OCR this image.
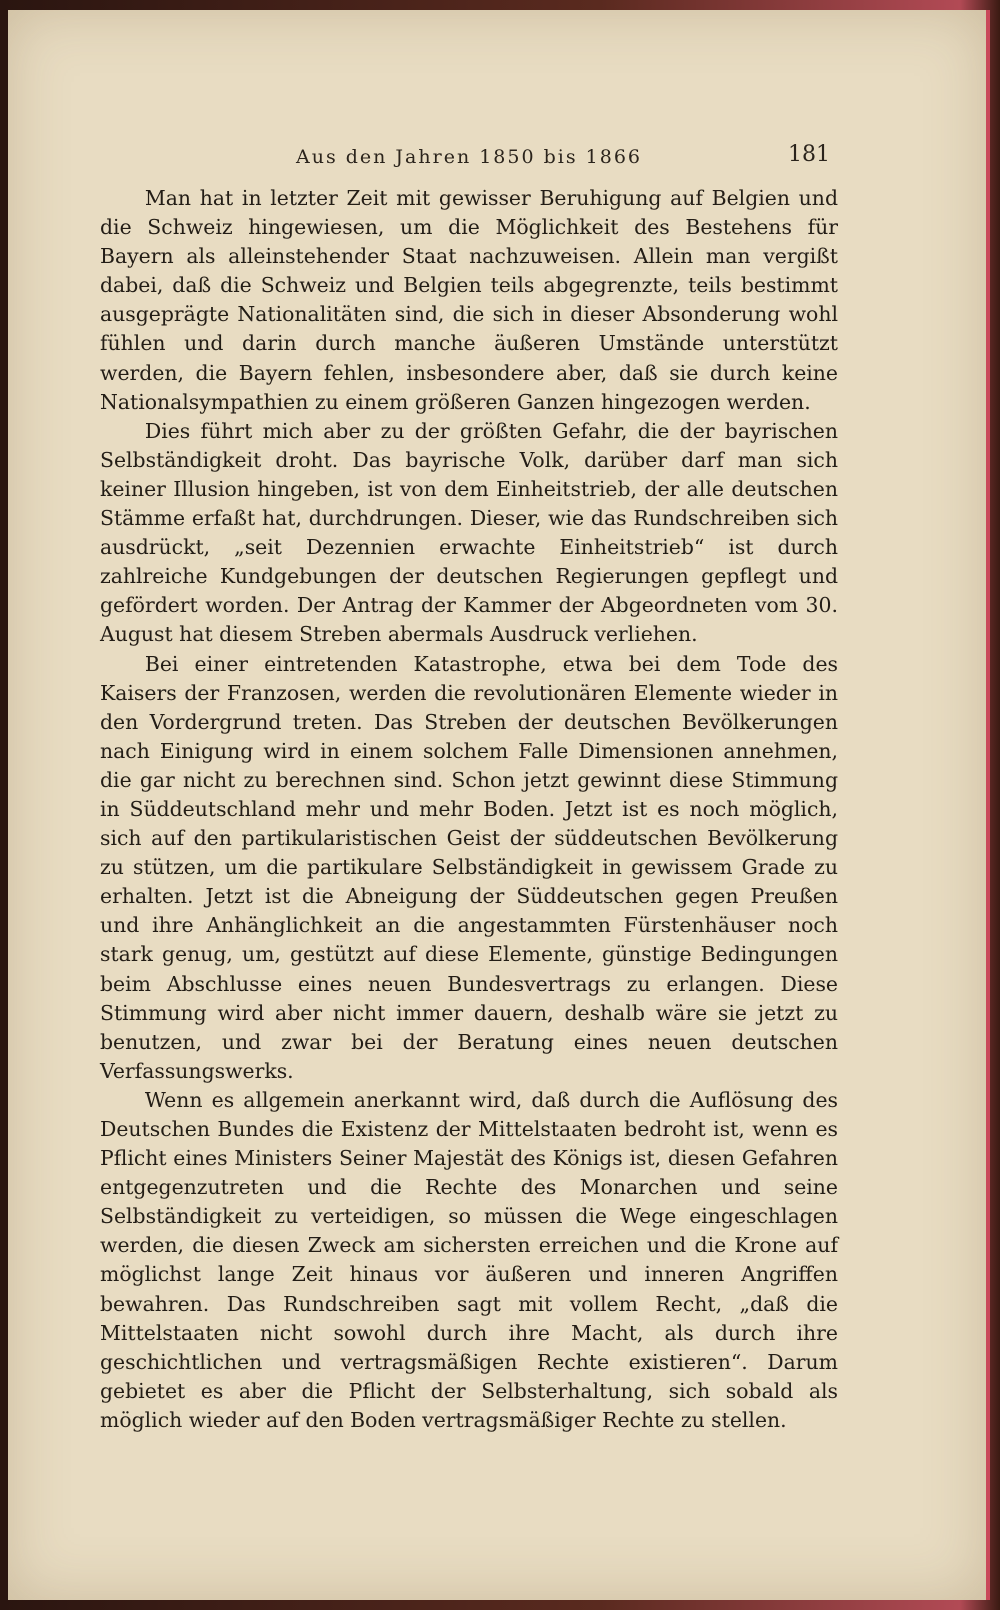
Aus den Jahren 1850 bis 1866	181

Man hat in letzter Zeit mit gewisser Beruhigung auf Belgien und die Schweiz hingewiesen, um die Möglichkeit des Bestehens für Bayern als alleinstehender Staat nachzuweisen. Allein man vergißt dabei, daß die Schweiz und Belgien teils abgegrenzte, teils bestimmt ausgeprägte Nationalitäten sind, die sich in dieser Absonderung wohl fühlen und darin durch manche äußeren Umstände unterstützt werden, die Bayern fehlen, insbesondere aber, daß sie durch keine Nationalsympathien zu einem größeren Ganzen hingezogen werden.

Dies führt mich aber zu der größten Gefahr, die der bayrischen Selbständigkeit droht. Das bayrische Volk, darüber darf man sich keiner Illusion hingeben, ist von dem Einheitstrieb, der alle deutschen Stämme erfaßt hat, durchdrungen. Dieser, wie das Rundschreiben sich ausdrückt, „seit Dezennien erwachte Einheitstrieb“ ist durch zahlreiche Kundgebungen der deutschen Regierungen gepflegt und gefördert worden. Der Antrag der Kammer der Abgeordneten vom 30. August hat diesem Streben abermals Ausdruck verliehen.

Bei einer eintretenden Katastrophe, etwa bei dem Tode des Kaisers der Franzosen, werden die revolutionären Elemente wieder in den Vordergrund treten. Das Streben der deutschen Bevölkerungen nach Einigung wird in einem solchem Falle Dimensionen annehmen, die gar nicht zu berechnen sind. Schon jetzt gewinnt diese Stimmung in Süddeutschland mehr und mehr Boden. Jetzt ist es noch möglich, sich auf den partikularistischen Geist der süddeutschen Bevölkerung zu stützen, um die partikulare Selbständigkeit in gewissem Grade zu erhalten. Jetzt ist die Abneigung der Süddeutschen gegen Preußen und ihre Anhänglichkeit an die angestammten Fürstenhäuser noch stark genug, um, gestützt auf diese Elemente, günstige Bedingungen beim Abschlusse eines neuen Bundesvertrags zu erlangen. Diese Stimmung wird aber nicht immer dauern, deshalb wäre sie jetzt zu benutzen, und zwar bei der Beratung eines neuen deutschen Verfassungswerks.

Wenn es allgemein anerkannt wird, daß durch die Auflösung des Deutschen Bundes die Existenz der Mittelstaaten bedroht ist, wenn es Pflicht eines Ministers Seiner Majestät des Königs ist, diesen Gefahren entgegenzutreten und die Rechte des Monarchen und seine Selbständigkeit zu verteidigen, so müssen die Wege eingeschlagen werden, die diesen Zweck am sichersten erreichen und die Krone auf möglichst lange Zeit hinaus vor äußeren und inneren Angriffen bewahren. Das Rundschreiben sagt mit vollem Recht, „daß die Mittelstaaten nicht sowohl durch ihre Macht, als durch ihre geschichtlichen und vertragsmäßigen Rechte existieren“. Darum gebietet es aber die Pflicht der Selbsterhaltung, sich sobald als möglich wieder auf den Boden vertragsmäßiger Rechte zu stellen.
